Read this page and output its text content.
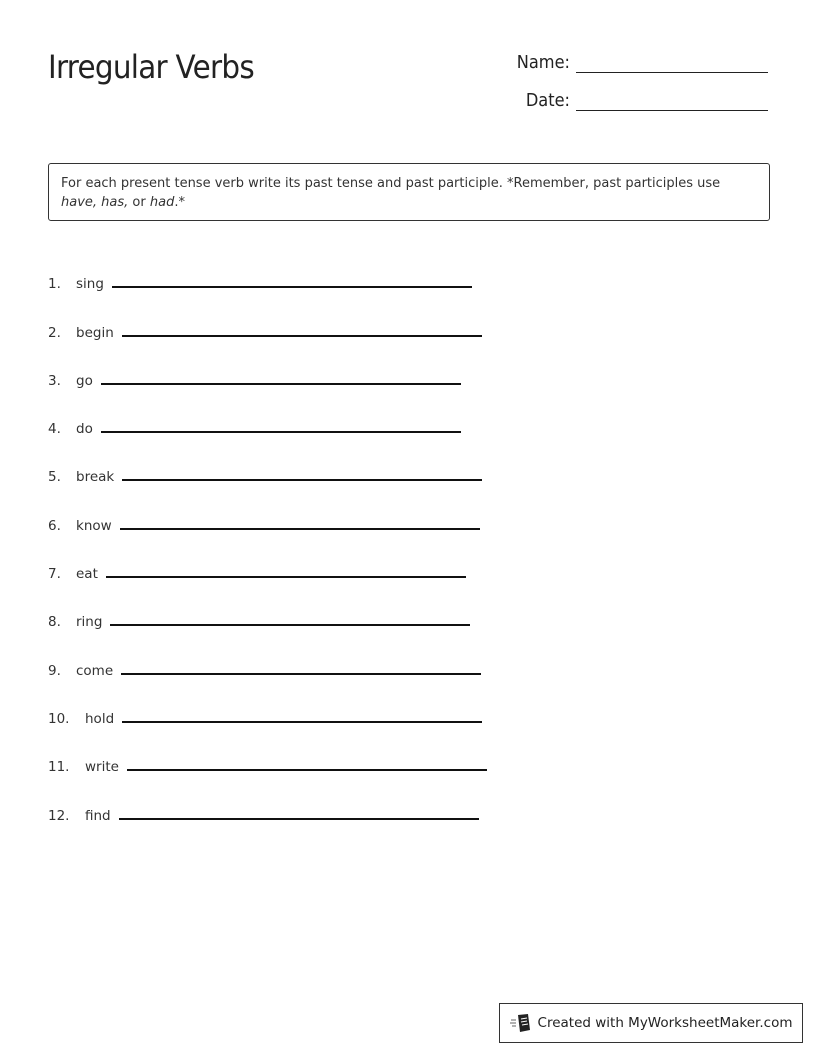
Irregular Verbs	Name:
Date:
For each present tense verb write its past tense and past participle. *Remember, past participles use have, has, or had.*
1.	sing
2.	begin
3.	go
4.	do
5.	break
6.	know
7.	eat
8.	ring
9.	come
10.	hold
11.	write
12.	find
Created with MyWorksheetMaker.com
